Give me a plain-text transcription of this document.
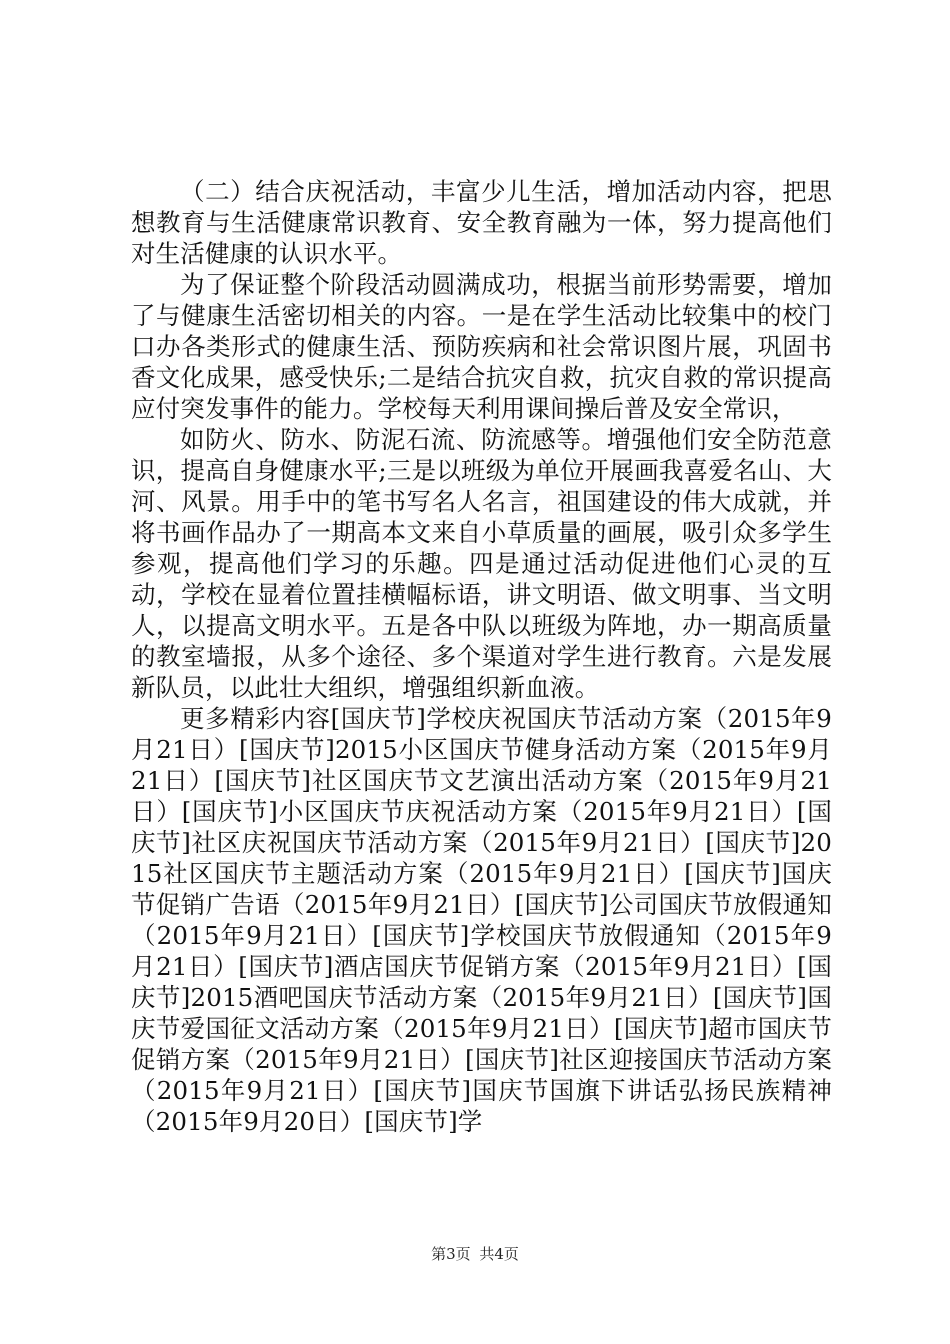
（二）结合庆祝活动，丰富少儿生活，增加活动内容，把思想教育与生活健康常识教育、安全教育融为一体，努力提高他们对生活健康的认识水平。

为了保证整个阶段活动圆满成功，根据当前形势需要，增加了与健康生活密切相关的内容。一是在学生活动比较集中的校门口办各类形式的健康生活、预防疾病和社会常识图片展，巩固书香文化成果，感受快乐;二是结合抗灾自救，抗灾自救的常识提高应付突发事件的能力。学校每天利用课间操后普及安全常识，

如防火、防水、防泥石流、防流感等。增强他们安全防范意识，提高自身健康水平;三是以班级为单位开展画我喜爱名山、大河、风景。用手中的笔书写名人名言，祖国建设的伟大成就，并将书画作品办了一期高本文来自小草质量的画展，吸引众多学生参观，提高他们学习的乐趣。四是通过活动促进他们心灵的互动，学校在显着位置挂横幅标语，讲文明语、做文明事、当文明人，以提高文明水平。五是各中队以班级为阵地，办一期高质量的教室墙报，从多个途径、多个渠道对学生进行教育。六是发展新队员，以此壮大组织，增强组织新血液。

更多精彩内容[国庆节]学校庆祝国庆节活动方案（2015年9月21日）[国庆节]2015小区国庆节健身活动方案（2015年9月21日）[国庆节]社区国庆节文艺演出活动方案（2015年9月21日）[国庆节]小区国庆节庆祝活动方案（2015年9月21日）[国庆节]社区庆祝国庆节活动方案（2015年9月21日）[国庆节]2015社区国庆节主题活动方案（2015年9月21日）[国庆节]国庆节促销广告语（2015年9月21日）[国庆节]公司国庆节放假通知（2015年9月21日）[国庆节]学校国庆节放假通知（2015年9月21日）[国庆节]酒店国庆节促销方案（2015年9月21日）[国庆节]2015酒吧国庆节活动方案（2015年9月21日）[国庆节]国庆节爱国征文活动方案（2015年9月21日）[国庆节]超市国庆节促销方案（2015年9月21日）[国庆节]社区迎接国庆节活动方案（2015年9月21日）[国庆节]国庆节国旗下讲话弘扬民族精神（2015年9月20日）[国庆节]学

第3页 共4页
